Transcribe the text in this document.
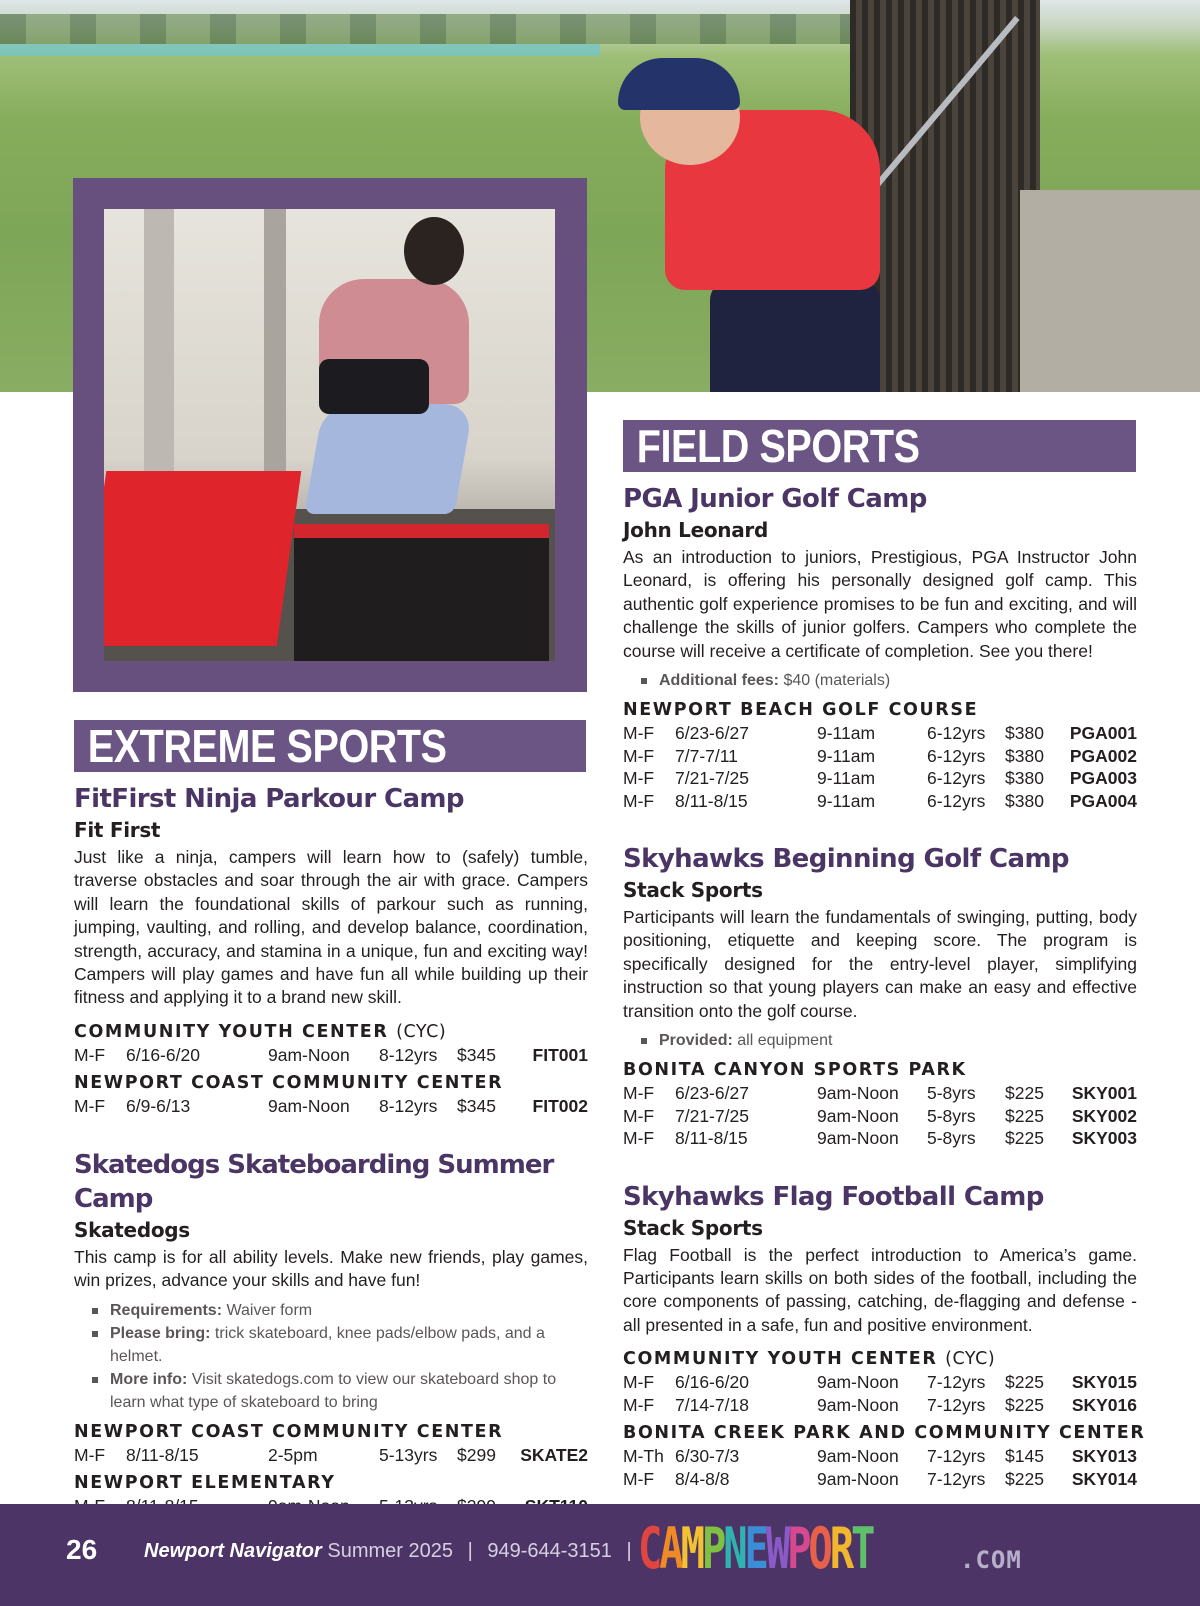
EXTREME SPORTS
FIELD SPORTS
FitFirst Ninja Parkour Camp
Fit First

Just like a ninja, campers will learn how to (safely) tumble, traverse obstacles and soar through the air with grace. Campers will learn the foundational skills of parkour such as running, jumping, vaulting, and rolling, and develop balance, coordination, strength, accuracy, and stamina in a unique, fun and exciting way! Campers will play games and have fun all while building up their fitness and applying it to a brand new skill.

COMMUNITY YOUTH CENTER (CYC)
M-F	6/16-6/20	9am-Noon	8-12yrs	$345	FIT001
NEWPORT COAST COMMUNITY CENTER
M-F	6/9-6/13	9am-Noon	8-12yrs	$345	FIT002
Skatedogs Skateboarding Summer Camp
Skatedogs

This camp is for all ability levels. Make new friends, play games, win prizes, advance your skills and have fun!

Requirements: Waiver form
Please bring: trick skateboard, knee pads/elbow pads, and a helmet.
More info: Visit skatedogs.com to view our skateboard shop to learn what type of skateboard to bring
NEWPORT COAST COMMUNITY CENTER
M-F	8/11-8/15	2-5pm	5-13yrs	$299	SKATE2
NEWPORT ELEMENTARY
PGA Junior Golf Camp
John Leonard

As an introduction to juniors, Prestigious, PGA Instructor John Leonard, is offering his personally designed golf camp. This authentic golf experience promises to be fun and exciting, and will challenge the skills of junior golfers. Campers who complete the course will receive a certificate of completion. See you there!

Additional fees: $40 (materials)
NEWPORT BEACH GOLF COURSE
M-F	6/23-6/27	9-11am	6-12yrs	$380	PGA001
M-F	7/7-7/11	9-11am	6-12yrs	$380	PGA002
M-F	7/21-7/25	9-11am	6-12yrs	$380	PGA003
M-F	8/11-8/15	9-11am	6-12yrs	$380	PGA004
Skyhawks Beginning Golf Camp
Stack Sports

Participants will learn the fundamentals of swinging, putting, body positioning, etiquette and keeping score. The program is specifically designed for the entry-level player, simplifying instruction so that young players can make an easy and effective transition onto the golf course.

Provided: all equipment
BONITA CANYON SPORTS PARK
M-F	6/23-6/27	9am-Noon	5-8yrs	$225	SKY001
M-F	7/21-7/25	9am-Noon	5-8yrs	$225	SKY002
M-F	8/11-8/15	9am-Noon	5-8yrs	$225	SKY003
Skyhawks Flag Football Camp
Stack Sports

Flag Football is the perfect introduction to America’s game. Participants learn skills on both sides of the football, including the core components of passing, catching, de-flagging and defense - all presented in a safe, fun and positive environment.

COMMUNITY YOUTH CENTER (CYC)
M-F	6/16-6/20	9am-Noon	7-12yrs	$225	SKY015
M-F	7/14-7/18	9am-Noon	7-12yrs	$225	SKY016
BONITA CREEK PARK AND COMMUNITY CENTER
M-Th 6/30-7/3	9am-Noon	7-12yrs	$145	SKY013
M-F	8/4-8/8	9am-Noon	7-12yrs	$225	SKY014
26 Newport Navigator Summer 2025 | 949-644-3151 | CAMPNEWPORT	.COM
